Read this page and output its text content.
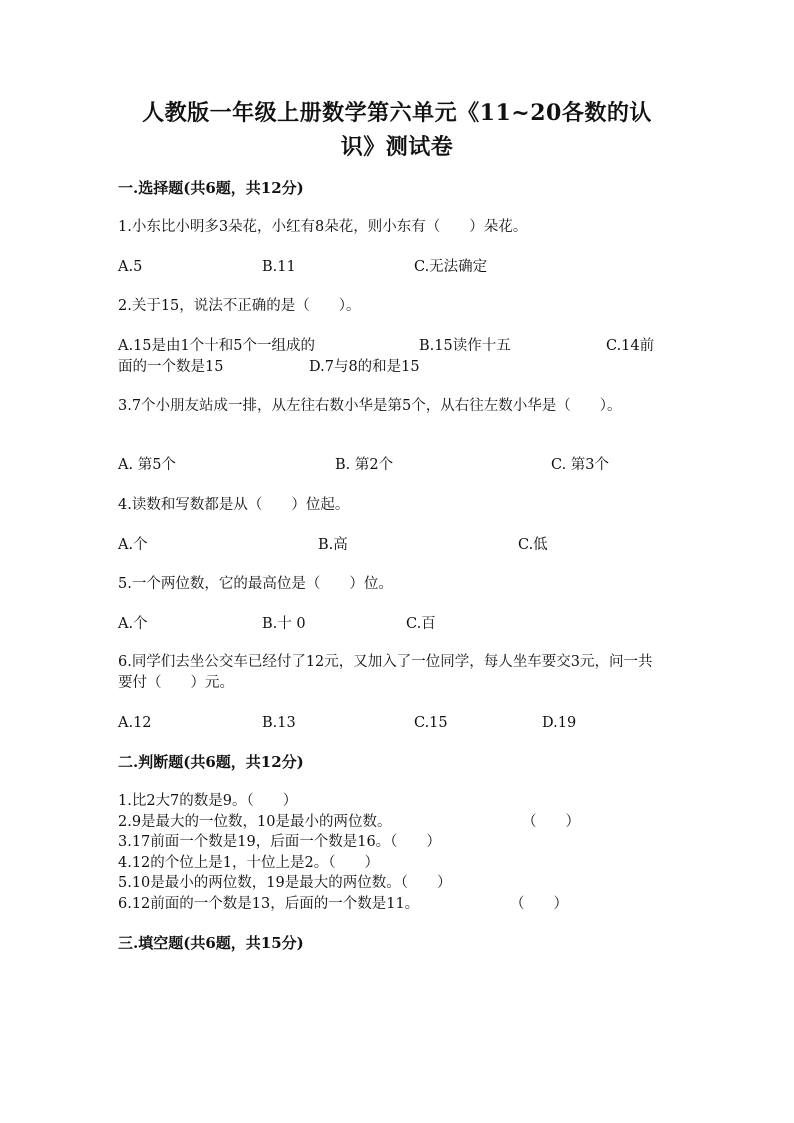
人教版一年级上册数学第六单元《11~20各数的认
识》测试卷
一.选择题(共6题，共12分)
1.小东比小明多3朵花，小红有8朵花，则小东有（　　）朵花。
A.5	B.11	C.无法确定
2.关于15，说法不正确的是（　　）。
A.15是由1个十和5个一组成的	B.15读作十五	C.14前
面的一个数是15	D.7与8的和是15
3.7个小朋友站成一排，从左往右数小华是第5个，从右往左数小华是（　　）。
A. 第5个	B. 第2个	C. 第3个
4.读数和写数都是从（　　）位起。
A.个	B.高	C.低
5.一个两位数，它的最高位是（　　）位。
A.个	B.十 0	C.百
6.同学们去坐公交车已经付了12元，又加入了一位同学，每人坐车要交3元，问一共要付（　　）元。
A.12	B.13	C.15	D.19
二.判断题(共6题，共12分)
1.比2大7的数是9。（　　）
2.9是最大的一位数，10是最小的两位数。	（　　）
3.17前面一个数是19，后面一个数是16。（　　）
4.12的个位上是1，十位上是2。（　　）
5.10是最小的两位数，19是最大的两位数。（　　）
6.12前面的一个数是13，后面的一个数是11。	（　　）
三.填空题(共6题，共15分)
